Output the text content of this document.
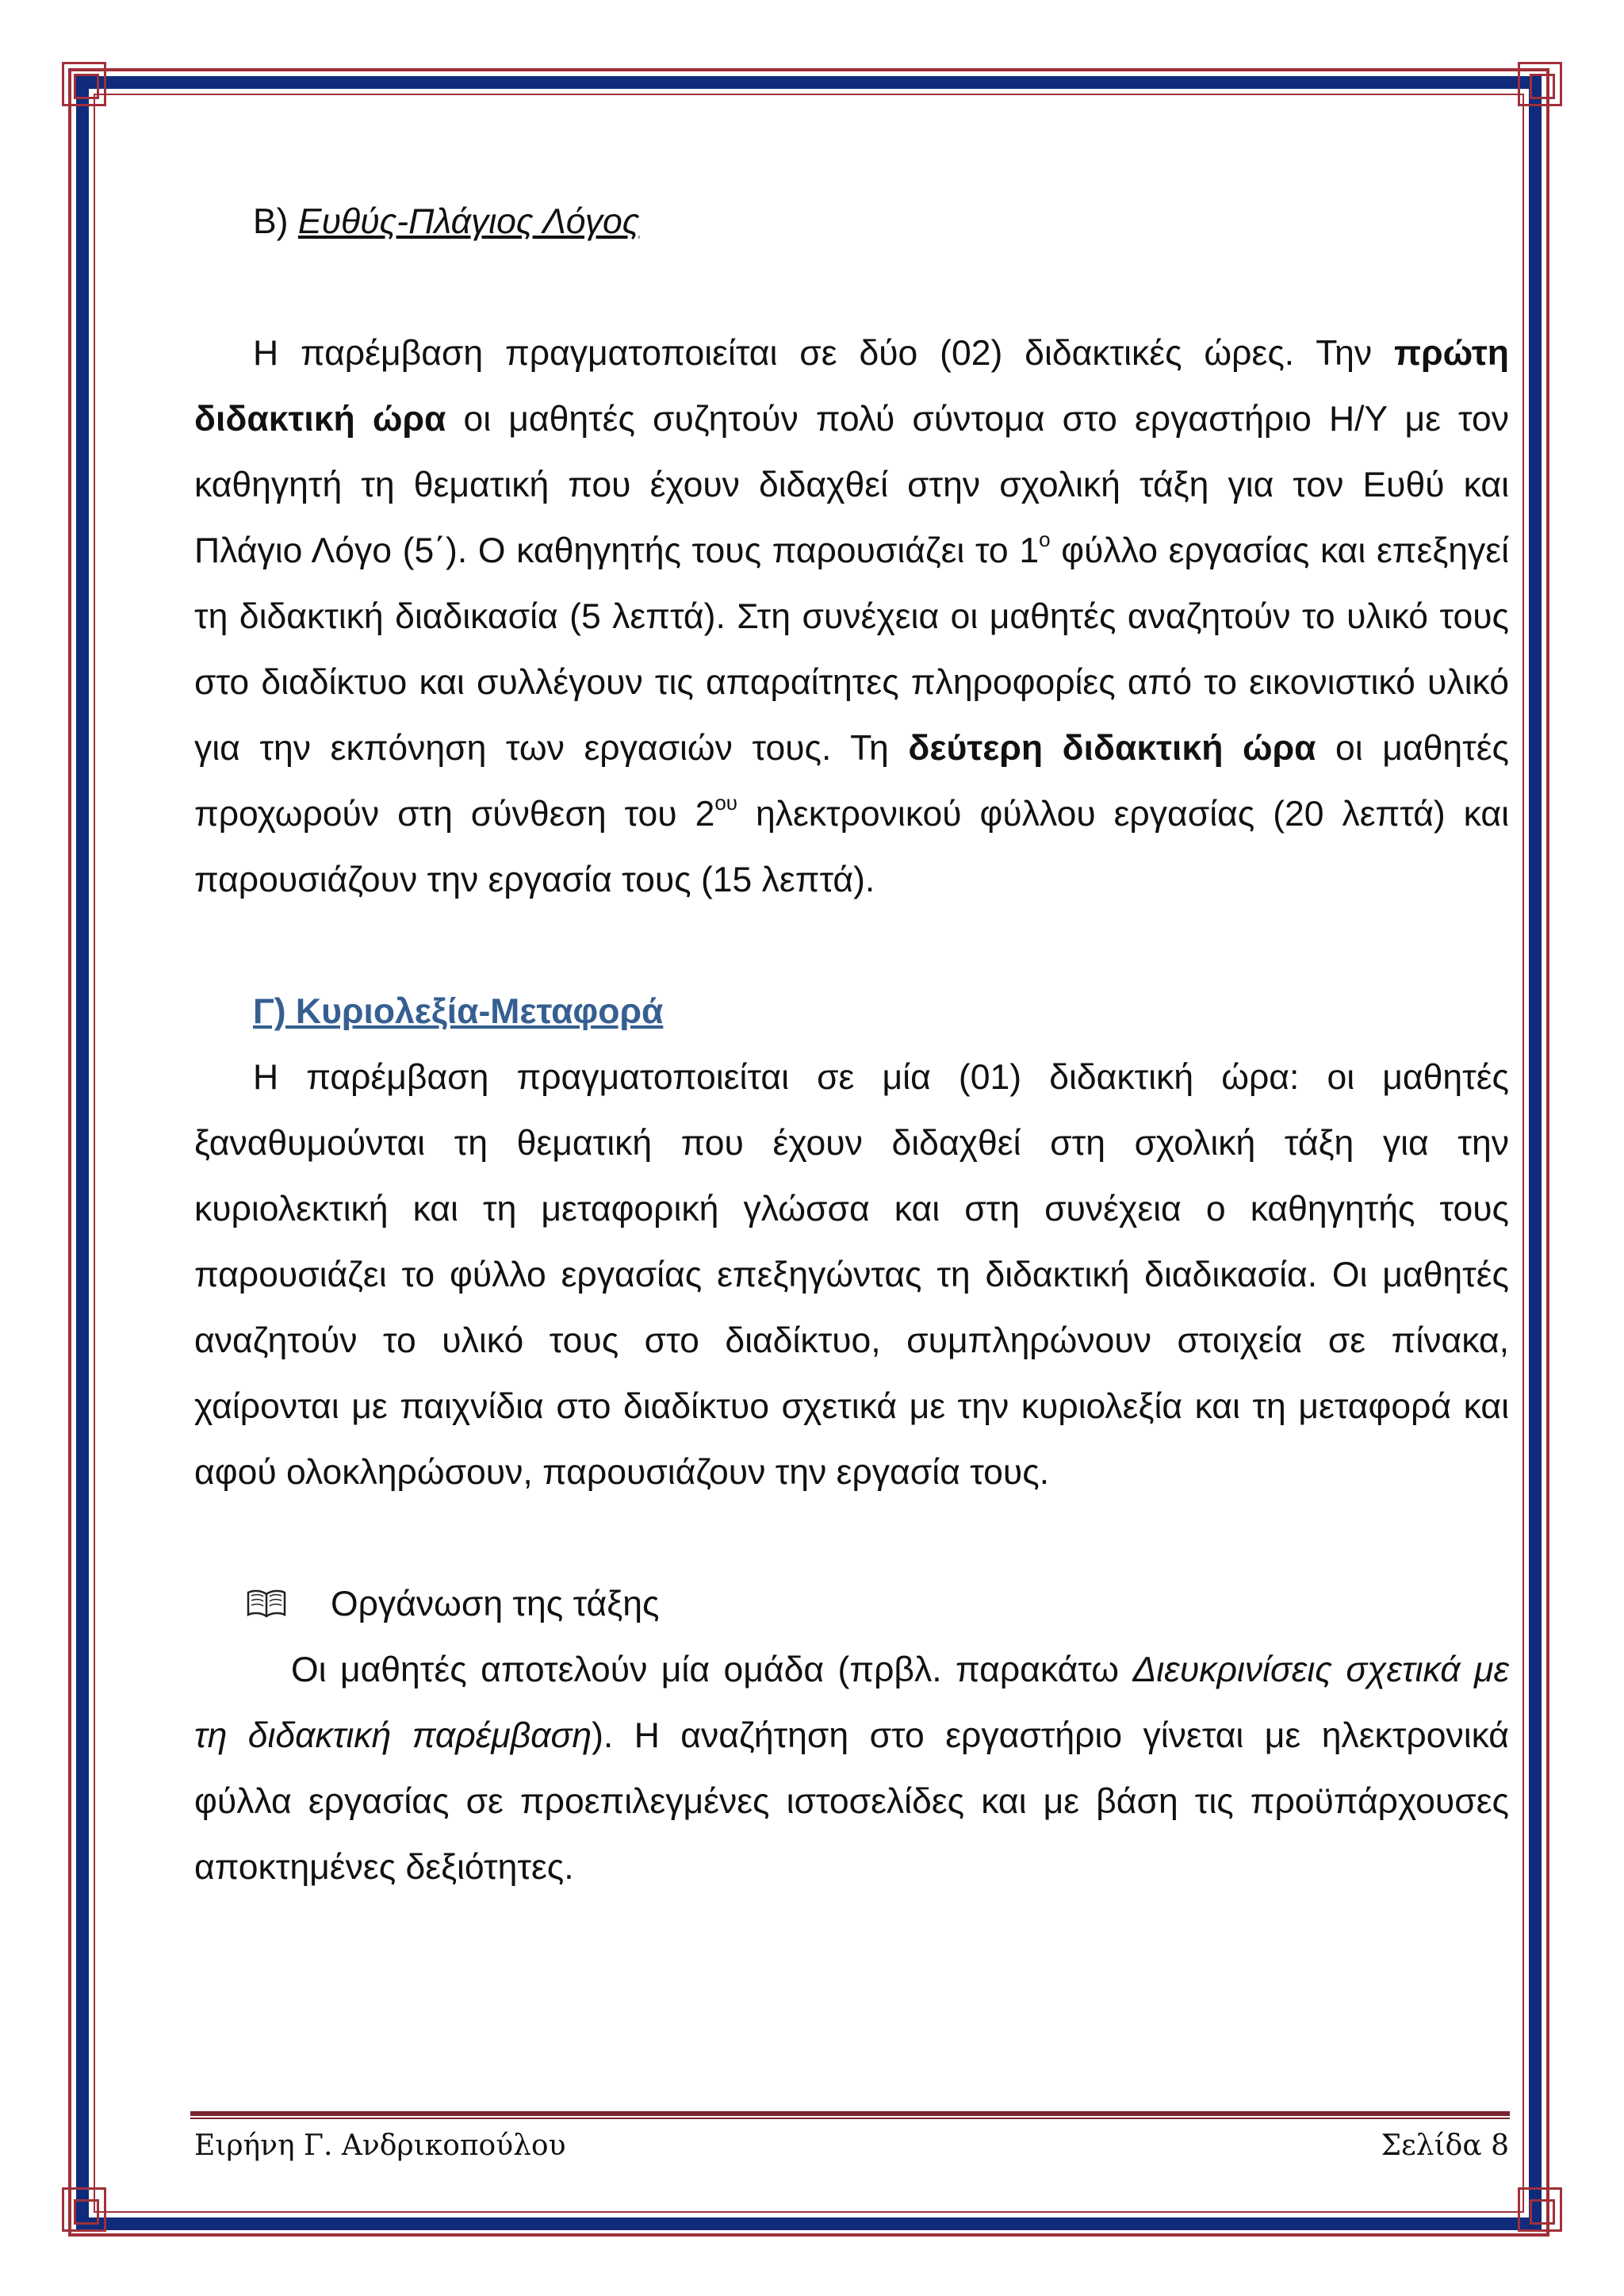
Β) Ευθύς-Πλάγιος Λόγος

Η παρέμβαση πραγματοποιείται σε δύο (02) διδακτικές ώρες. Την πρώτη διδακτική ώρα οι μαθητές συζητούν πολύ σύντομα στο εργαστήριο Η/Υ με τον καθηγητή τη θεματική που έχουν διδαχθεί στην σχολική τάξη για τον Ευθύ και Πλάγιο Λόγο (5΄). Ο καθηγητής τους παρουσιάζει το $1^o$ φύλλο εργασίας και επεξηγεί τη διδακτική διαδικασία (5 λεπτά). Στη συνέχεια οι μαθητές αναζητούν το υλικό τους στο διαδίκτυο και συλλέγουν τις απαραίτητες πληροφορίες από το εικονιστικό υλικό για την εκπόνηση των εργασιών τους. Τη δεύτερη διδακτική ώρα οι μαθητές προχωρούν στη σύνθεση του $2^{o\upsilon}$ ηλεκτρονικού φύλλου εργασίας (20 λεπτά) και παρουσιάζουν την εργασία τους (15 λεπτά).

Γ) Κυριολεξία-Μεταφορά

Η παρέμβαση πραγματοποιείται σε μία (01) διδακτική ώρα: οι μαθητές ξαναθυμούνται τη θεματική που έχουν διδαχθεί στη σχολική τάξη για την κυριολεκτική και τη μεταφορική γλώσσα και στη συνέχεια ο καθηγητής τους παρουσιάζει το φύλλο εργασίας επεξηγώντας τη διδακτική διαδικασία. Οι μαθητές αναζητούν το υλικό τους στο διαδίκτυο, συμπληρώνουν στοιχεία σε πίνακα, χαίρονται με παιχνίδια στο διαδίκτυο σχετικά με την κυριολεξία και τη μεταφορά και αφού ολοκληρώσουν, παρουσιάζουν την εργασία τους.

Οργάνωση της τάξης

Οι μαθητές αποτελούν μία ομάδα (πρβλ. παρακάτω Διευκρινίσεις σχετικά με τη διδακτική παρέμβαση). Η αναζήτηση στο εργαστήριο γίνεται με ηλεκτρονικά φύλλα εργασίας σε προεπιλεγμένες ιστοσελίδες και με βάση τις προϋπάρχουσες αποκτημένες δεξιότητες.

Ειρήνη Γ. Ανδρικοπούλου	Σελίδα 8
